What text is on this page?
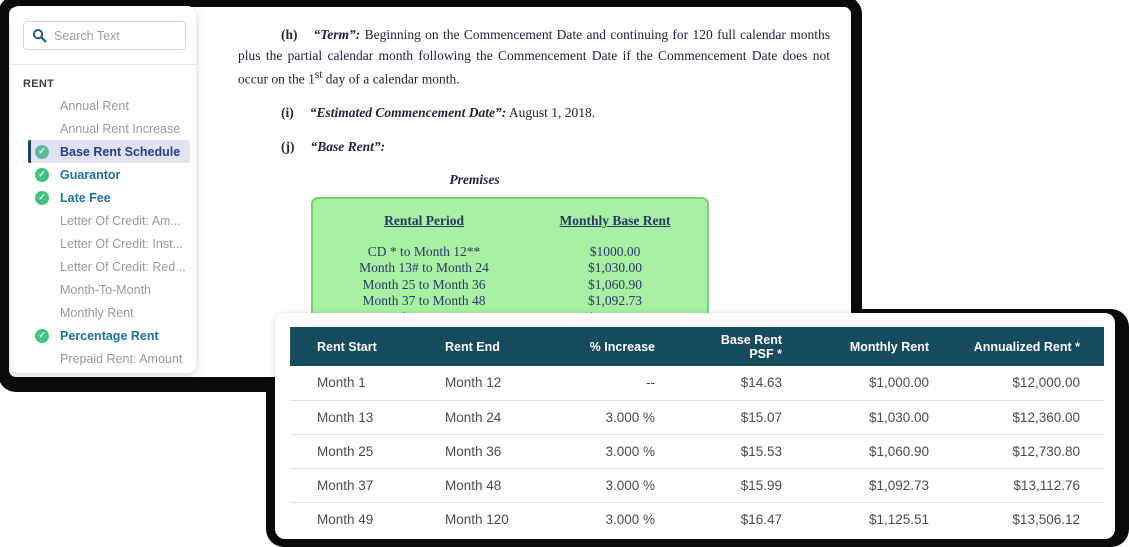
(h) “Term”: Beginning on the Commencement Date and continuing for 120 full calendar months plus the partial calendar month following the Commencement Date if the Commencement Date does not occur on the 1st day of a calendar month.

(i) “Estimated Commencement Date”: August 1, 2018.

(j) “Base Rent”:

Premises
Rental Period	Monthly Base Rent
CD * to Month 12**	$1000.00
Month 13# to Month 24	$1,030.00
Month 25 to Month 36	$1,060.90
Month 37 to Month 48	$1,092.73
Search Text
RENT
Annual Rent
Annual Rent Increase
✓ Base Rent Schedule
✓ Guarantor
✓ Late Fee
Letter Of Credit: Am...
Letter Of Credit: Inst...
Letter Of Credit: Red...
Month-To-Month
Monthly Rent
✓ Percentage Rent
Prepaid Rent: Amount
Rent Start	Rent End	% Increase	Base Rent PSF *	Monthly Rent	Annualized Rent *
Month 1	Month 12	--	$14.63	$1,000.00	$12,000.00
Month 13	Month 24	3.000 %	$15.07	$1,030.00	$12,360.00
Month 25	Month 36	3.000 %	$15.53	$1,060.90	$12,730.80
Month 37	Month 48	3.000 %	$15.99	$1,092.73	$13,112.76
Month 49	Month 120	3.000 %	$16.47	$1,125.51	$13,506.12
